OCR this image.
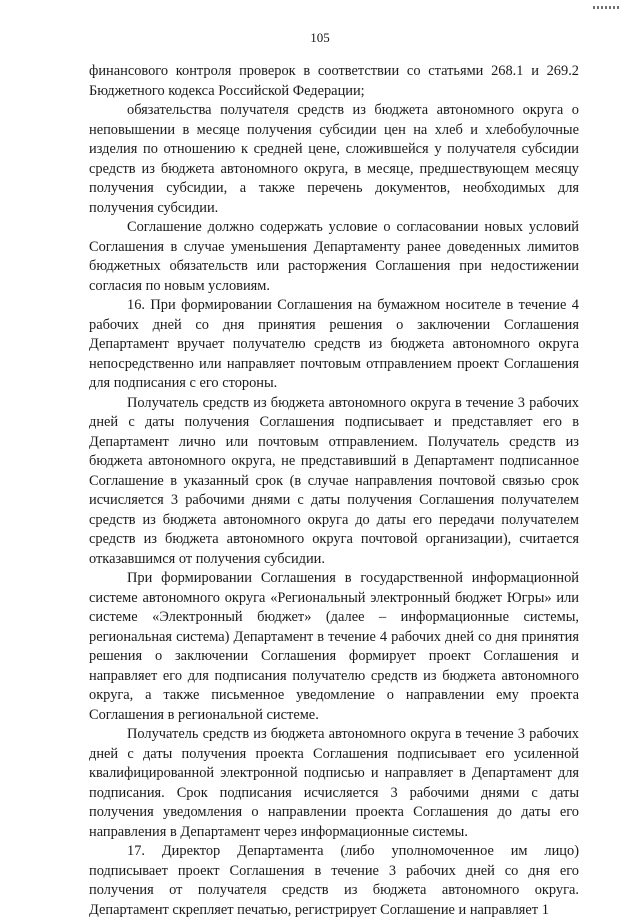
105

финансового контроля проверок в соответствии со статьями 268.1 и 269.2 Бюджетного кодекса Российской Федерации;

обязательства получателя средств из бюджета автономного округа о неповышении в месяце получения субсидии цен на хлеб и хлебобулочные изделия по отношению к средней цене, сложившейся у получателя субсидии средств из бюджета автономного округа, в месяце, предшествующем месяцу получения субсидии, а также перечень документов, необходимых для получения субсидии.

Соглашение должно содержать условие о согласовании новых условий Соглашения в случае уменьшения Департаменту ранее доведенных лимитов бюджетных обязательств или расторжения Соглашения при недостижении согласия по новым условиям.

16. При формировании Соглашения на бумажном носителе в течение 4 рабочих дней со дня принятия решения о заключении Соглашения Департамент вручает получателю средств из бюджета автономного округа непосредственно или направляет почтовым отправлением проект Соглашения для подписания с его стороны.

Получатель средств из бюджета автономного округа в течение 3 рабочих дней с даты получения Соглашения подписывает и представляет его в Департамент лично или почтовым отправлением. Получатель средств из бюджета автономного округа, не представивший в Департамент подписанное Соглашение в указанный срок (в случае направления почтовой связью срок исчисляется 3 рабочими днями с даты получения Соглашения получателем средств из бюджета автономного округа до даты его передачи получателем средств из бюджета автономного округа почтовой организации), считается отказавшимся от получения субсидии.

При формировании Соглашения в государственной информационной системе автономного округа «Региональный электронный бюджет Югры» или системе «Электронный бюджет» (далее – информационные системы, региональная система) Департамент в течение 4 рабочих дней со дня принятия решения о заключении Соглашения формирует проект Соглашения и направляет его для подписания получателю средств из бюджета автономного округа, а также письменное уведомление о направлении ему проекта Соглашения в региональной системе.

Получатель средств из бюджета автономного округа в течение 3 рабочих дней с даты получения проекта Соглашения подписывает его усиленной квалифицированной электронной подписью и направляет в Департамент для подписания. Срок подписания исчисляется 3 рабочими днями с даты получения уведомления о направлении проекта Соглашения до даты его направления в Департамент через информационные системы.

17. Директор Департамента (либо уполномоченное им лицо) подписывает проект Соглашения в течение 3 рабочих дней со дня его получения от получателя средств из бюджета автономного округа. Департамент скрепляет печатью, регистрирует Соглашение и направляет 1
